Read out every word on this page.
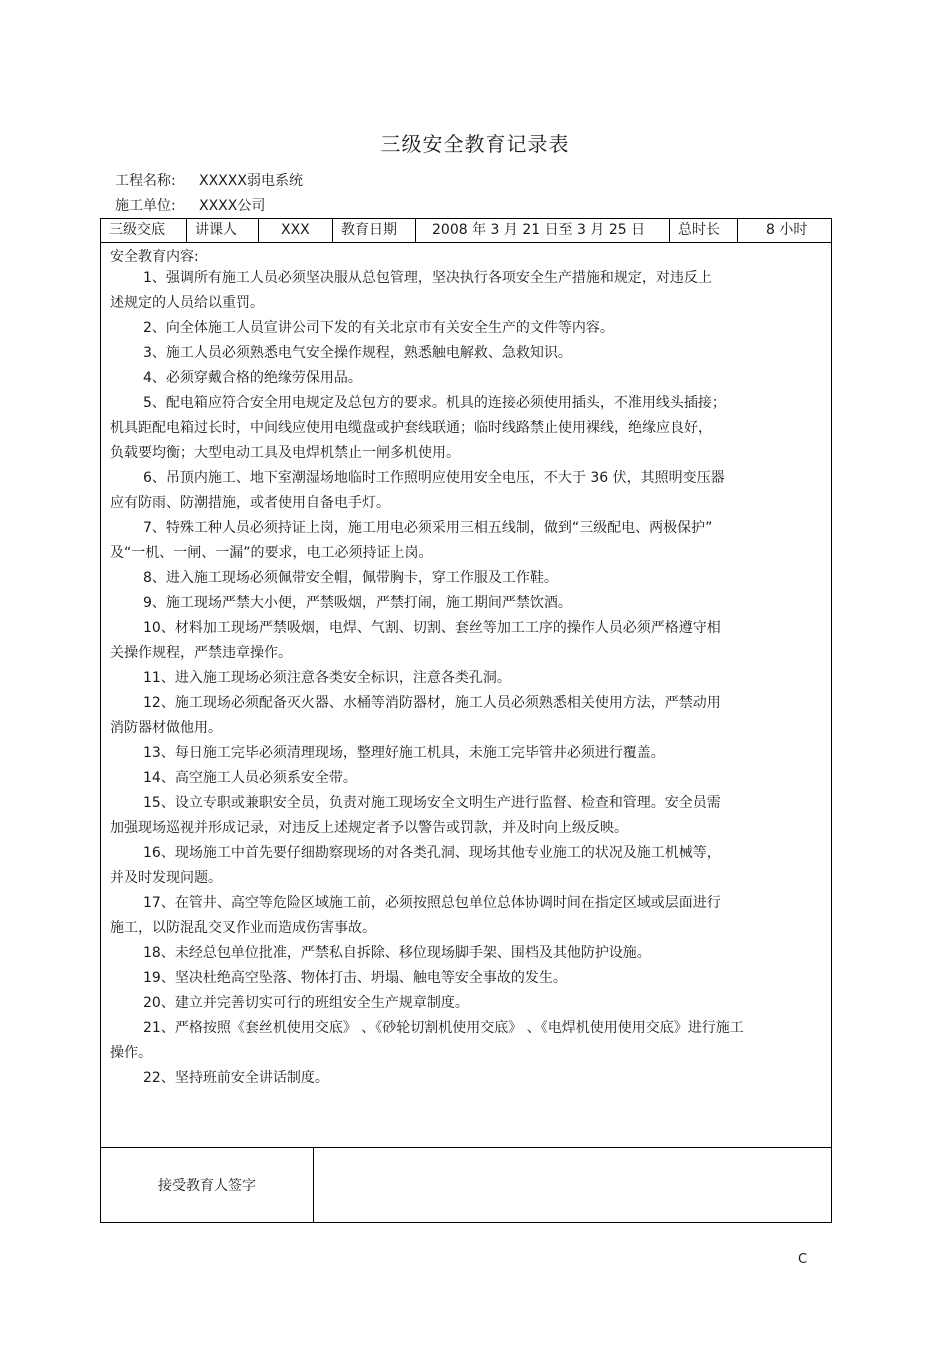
三级安全教育记录表
工程名称: XXXXX弱电系统
施工单位: XXXX公司
三级交底	讲课人	XXX	教育日期	2008 年 3 月 21 日至 3 月 25 日	总时长	8 小时
安全教育内容:
1、强调所有施工人员必须坚决服从总包管理，坚决执行各项安全生产措施和规定，对违反上
述规定的人员给以重罚。
2、向全体施工人员宣讲公司下发的有关北京市有关安全生产的文件等内容。
3、施工人员必须熟悉电气安全操作规程，熟悉触电解救、急救知识。
4、必须穿戴合格的绝缘劳保用品。
5、配电箱应符合安全用电规定及总包方的要求。机具的连接必须使用插头，不准用线头插接；
机具距配电箱过长时，中间线应使用电缆盘或护套线联通；临时线路禁止使用裸线，绝缘应良好，
负载要均衡；大型电动工具及电焊机禁止一闸多机使用。
6、吊顶内施工、地下室潮湿场地临时工作照明应使用安全电压，不大于 36 伏，其照明变压器
应有防雨、防潮措施，或者使用自备电手灯。
7、特殊工种人员必须持证上岗，施工用电必须采用三相五线制，做到“三级配电、两极保护”
及“一机、一闸、一漏”的要求，电工必须持证上岗。
8、进入施工现场必须佩带安全帽，佩带胸卡，穿工作服及工作鞋。
9、施工现场严禁大小便，严禁吸烟，严禁打闹，施工期间严禁饮酒。
10、材料加工现场严禁吸烟，电焊、气割、切割、套丝等加工工序的操作人员必须严格遵守相
关操作规程，严禁违章操作。
11、进入施工现场必须注意各类安全标识，注意各类孔洞。
12、施工现场必须配备灭火器、水桶等消防器材，施工人员必须熟悉相关使用方法，严禁动用
消防器材做他用。
13、每日施工完毕必须清理现场，整理好施工机具，未施工完毕管井必须进行覆盖。
14、高空施工人员必须系安全带。
15、设立专职或兼职安全员，负责对施工现场安全文明生产进行监督、检查和管理。安全员需
加强现场巡视并形成记录，对违反上述规定者予以警告或罚款，并及时向上级反映。
16、现场施工中首先要仔细勘察现场的对各类孔洞、现场其他专业施工的状况及施工机械等，
并及时发现问题。
17、在管井、高空等危险区域施工前，必须按照总包单位总体协调时间在指定区域或层面进行
施工，以防混乱交叉作业而造成伤害事故。
18、未经总包单位批准，严禁私自拆除、移位现场脚手架、围档及其他防护设施。
19、坚决杜绝高空坠落、物体打击、坍塌、触电等安全事故的发生。
20、建立并完善切实可行的班组安全生产规章制度。
21、严格按照《套丝机使用交底》 、《砂轮切割机使用交底》 、《电焊机使用使用交底》进行施工
操作。
22、坚持班前安全讲话制度。
接受教育人签字
C
